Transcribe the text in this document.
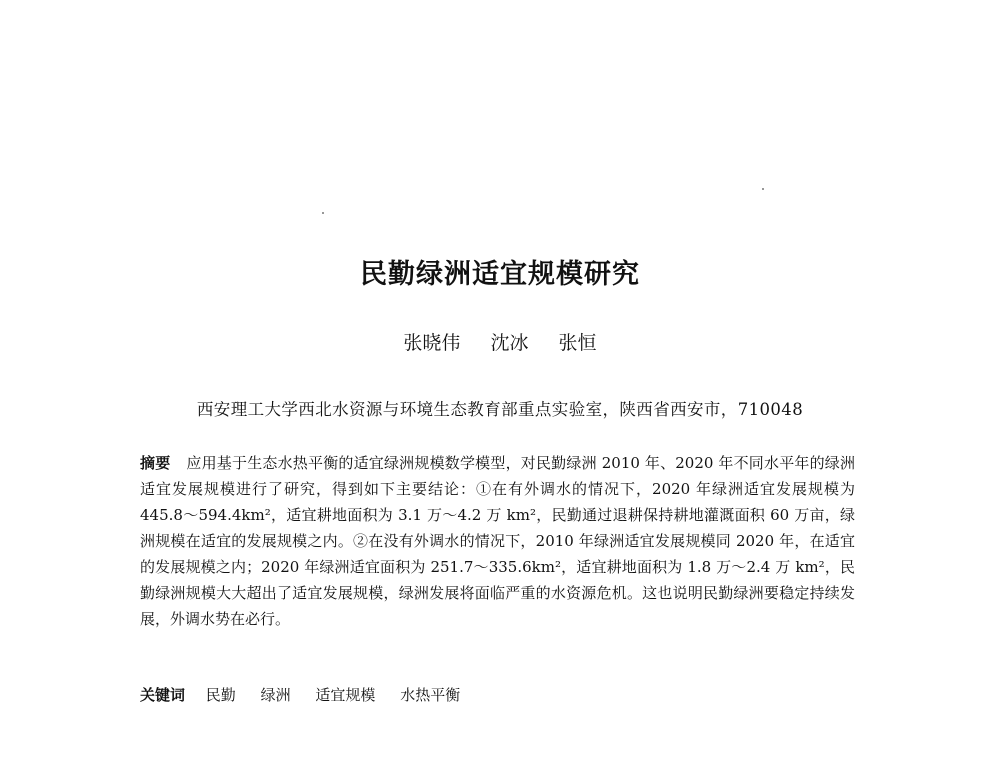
民勤绿洲适宜规模研究
张晓伟 沈冰 张恒
西安理工大学西北水资源与环境生态教育部重点实验室，陕西省西安市，710048
摘要 应用基于生态水热平衡的适宜绿洲规模数学模型，对民勤绿洲 2010 年、2020 年不同水平年的绿洲适宜发展规模进行了研究，得到如下主要结论：①在有外调水的情况下，2020 年绿洲适宜发展规模为 445.8～594.4km²，适宜耕地面积为 3.1 万～4.2 万 km²，民勤通过退耕保持耕地灌溉面积 60 万亩，绿洲规模在适宜的发展规模之内。②在没有外调水的情况下，2010 年绿洲适宜发展规模同 2020 年，在适宜的发展规模之内；2020 年绿洲适宜面积为 251.7～335.6km²，适宜耕地面积为 1.8 万～2.4 万 km²，民勤绿洲规模大大超出了适宜发展规模，绿洲发展将面临严重的水资源危机。这也说明民勤绿洲要稳定持续发展，外调水势在必行。
关键词 民勤 绿洲 适宜规模 水热平衡
